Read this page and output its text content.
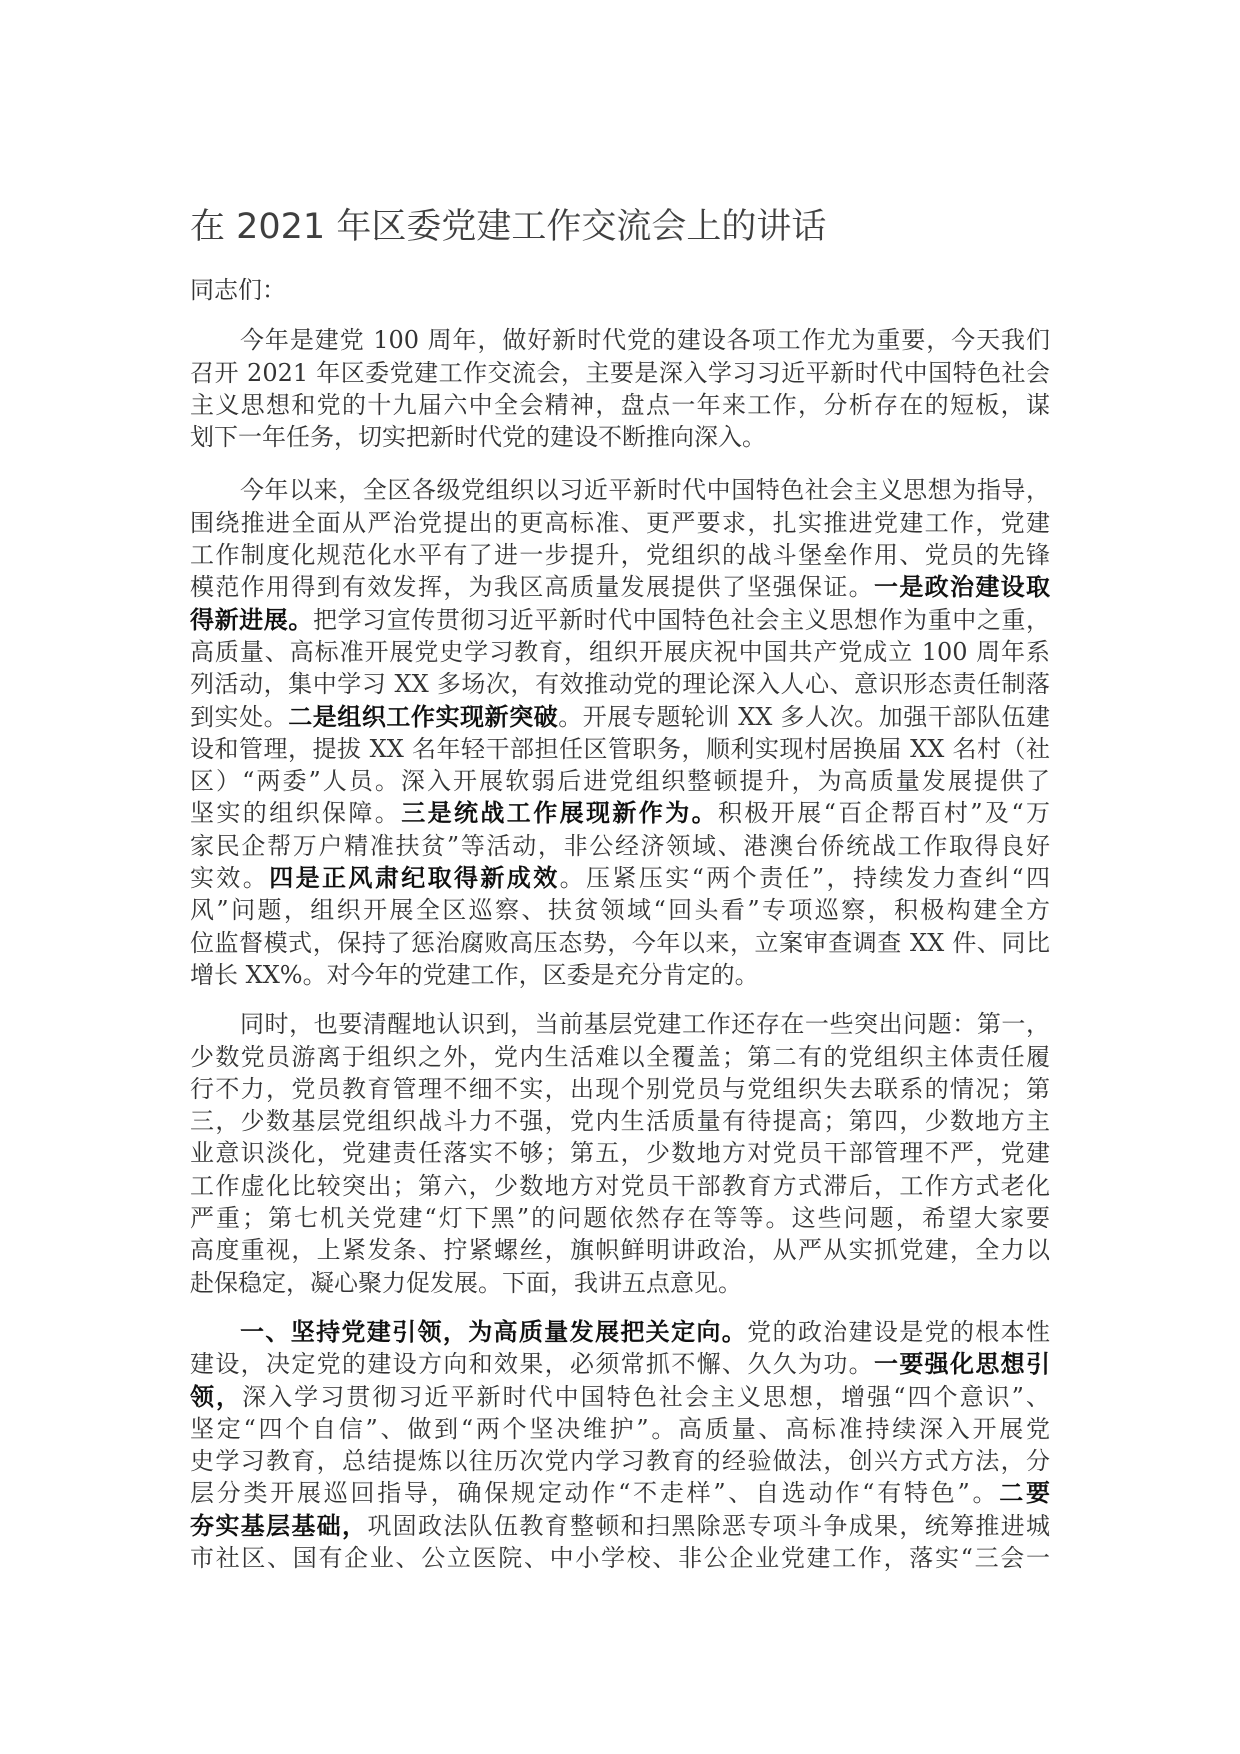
在 2021 年区委党建工作交流会上的讲话
同志们：
今年是建党 100 周年，做好新时代党的建设各项工作尤为重要，今天我们
召开 2021 年区委党建工作交流会，主要是深入学习习近平新时代中国特色社会
主义思想和党的十九届六中全会精神，盘点一年来工作，分析存在的短板，谋
划下一年任务，切实把新时代党的建设不断推向深入。
今年以来，全区各级党组织以习近平新时代中国特色社会主义思想为指导，
围绕推进全面从严治党提出的更高标准、更严要求，扎实推进党建工作，党建
工作制度化规范化水平有了进一步提升，党组织的战斗堡垒作用、党员的先锋
模范作用得到有效发挥，为我区高质量发展提供了坚强保证。一是政治建设取
得新进展。把学习宣传贯彻习近平新时代中国特色社会主义思想作为重中之重，
高质量、高标准开展党史学习教育，组织开展庆祝中国共产党成立 100 周年系
列活动，集中学习 XX 多场次，有效推动党的理论深入人心、意识形态责任制落
到实处。二是组织工作实现新突破。开展专题轮训 XX 多人次。加强干部队伍建
设和管理，提拔 XX 名年轻干部担任区管职务，顺利实现村居换届 XX 名村（社
区）“两委”人员。深入开展软弱后进党组织整顿提升，为高质量发展提供了
坚实的组织保障。三是统战工作展现新作为。积极开展“百企帮百村”及“万
家民企帮万户精准扶贫”等活动，非公经济领域、港澳台侨统战工作取得良好
实效。四是正风肃纪取得新成效。压紧压实“两个责任”，持续发力查纠“四
风”问题，组织开展全区巡察、扶贫领域“回头看”专项巡察，积极构建全方
位监督模式，保持了惩治腐败高压态势，今年以来，立案审查调查 XX 件、同比
增长 XX%。对今年的党建工作，区委是充分肯定的。
同时，也要清醒地认识到，当前基层党建工作还存在一些突出问题：第一，
少数党员游离于组织之外，党内生活难以全覆盖；第二有的党组织主体责任履
行不力，党员教育管理不细不实，出现个别党员与党组织失去联系的情况；第
三，少数基层党组织战斗力不强，党内生活质量有待提高；第四，少数地方主
业意识淡化，党建责任落实不够；第五，少数地方对党员干部管理不严，党建
工作虚化比较突出；第六，少数地方对党员干部教育方式滞后，工作方式老化
严重；第七机关党建“灯下黑”的问题依然存在等等。这些问题，希望大家要
高度重视，上紧发条、拧紧螺丝，旗帜鲜明讲政治，从严从实抓党建，全力以
赴保稳定，凝心聚力促发展。下面，我讲五点意见。
一、坚持党建引领，为高质量发展把关定向。党的政治建设是党的根本性
建设，决定党的建设方向和效果，必须常抓不懈、久久为功。一要强化思想引
领，深入学习贯彻习近平新时代中国特色社会主义思想，增强“四个意识”、
坚定“四个自信”、做到“两个坚决维护”。高质量、高标准持续深入开展党
史学习教育，总结提炼以往历次党内学习教育的经验做法，创兴方式方法，分
层分类开展巡回指导，确保规定动作“不走样”、自选动作“有特色”。二要
夯实基层基础，巩固政法队伍教育整顿和扫黑除恶专项斗争成果，统筹推进城
市社区、国有企业、公立医院、中小学校、非公企业党建工作，落实“三会一
